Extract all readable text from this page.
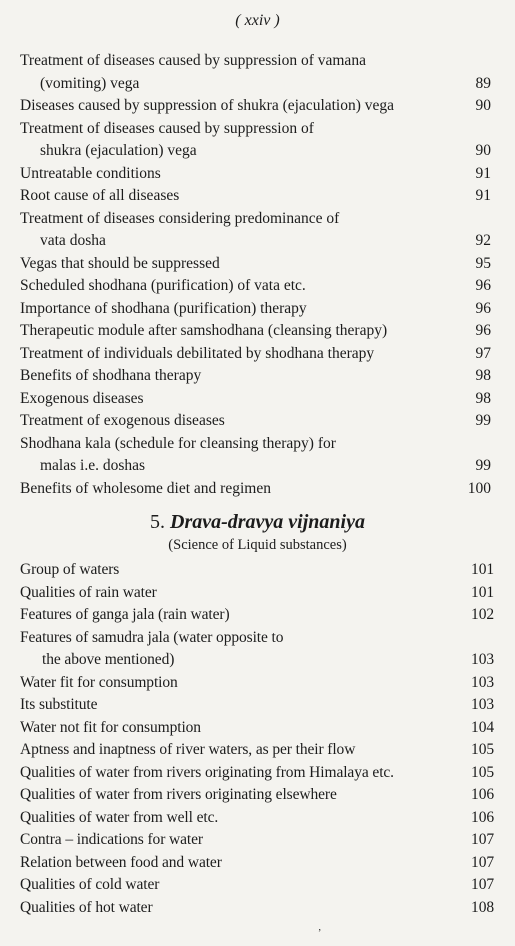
( xxiv )
Treatment of diseases caused by suppression of vamana
(vomiting) vega	89
Diseases caused by suppression of shukra (ejaculation) vega	90
Treatment of diseases caused by suppression of
shukra (ejaculation) vega	90
Untreatable conditions	91
Root cause of all diseases	91
Treatment of diseases considering predominance of
vata dosha	92
Vegas that should be suppressed	95
Scheduled shodhana (purification) of vata etc.	96
Importance of shodhana (purification) therapy	96
Therapeutic module after samshodhana (cleansing therapy)	96
Treatment of individuals debilitated by shodhana therapy	97
Benefits of shodhana therapy	98
Exogenous diseases	98
Treatment of exogenous diseases	99
Shodhana kala (schedule for cleansing therapy) for
malas i.e. doshas	99
Benefits of wholesome diet and regimen	100
5. Drava-dravya vijnaniya
(Science of Liquid substances)
Group of waters	101
Qualities of rain water	101
Features of ganga jala (rain water)	102
Features of samudra jala (water opposite to
the above mentioned)	103
Water fit for consumption	103
Its substitute	103
Water not fit for consumption	104
Aptness and inaptness of river waters, as per their flow	105
Qualities of water from rivers originating from Himalaya etc.	105
Qualities of water from rivers originating elsewhere	106
Qualities of water from well etc.	106
Contra – indications for water	107
Relation between food and water	107
Qualities of cold water	107
Qualities of hot water	108
ʼ
